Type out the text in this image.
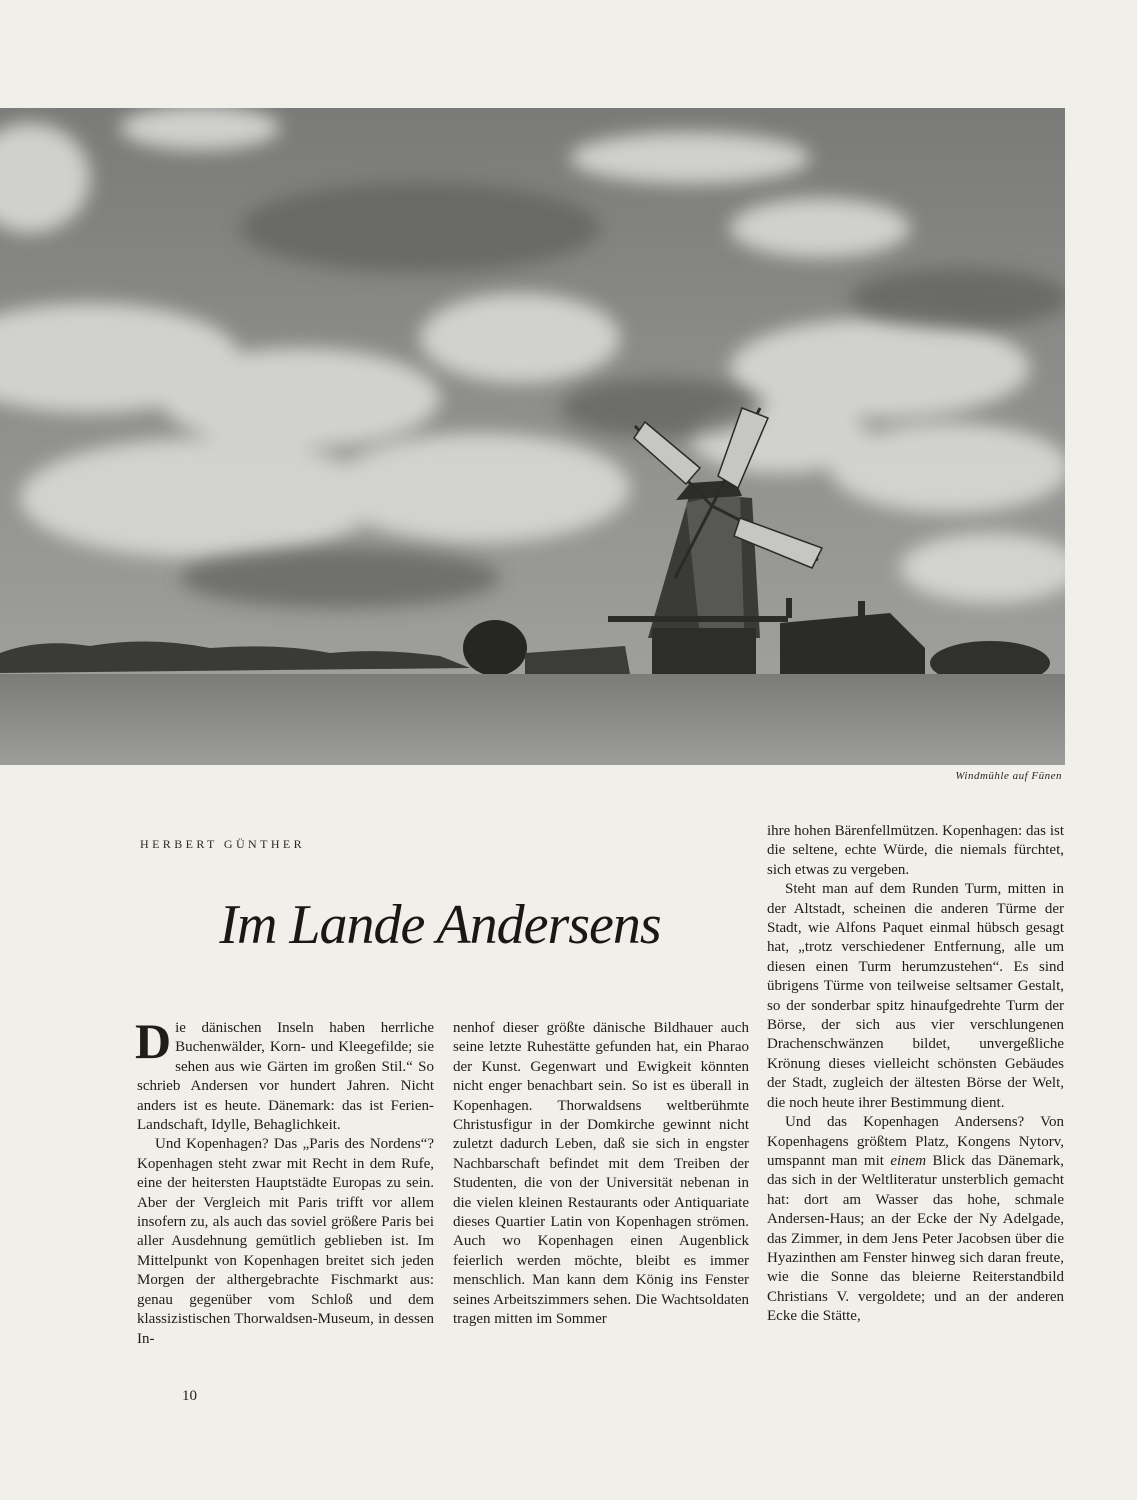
Windmühle auf Fünen
HERBERT GÜNTHER
Im Lande Andersens

Die dänischen Inseln haben herrliche Buchenwälder, Korn- und Kleegefilde; sie sehen aus wie Gärten im großen Stil.“ So schrieb Andersen vor hundert Jahren. Nicht anders ist es heute. Dänemark: das ist Ferien-Landschaft, Idylle, Behaglichkeit.

Und Kopenhagen? Das „Paris des Nordens“? Kopenhagen steht zwar mit Recht in dem Rufe, eine der heitersten Hauptstädte Europas zu sein. Aber der Vergleich mit Paris trifft vor allem insofern zu, als auch das soviel größere Paris bei aller Ausdehnung gemütlich geblieben ist. Im Mittelpunkt von Kopenhagen breitet sich jeden Morgen der althergebrachte Fischmarkt aus: genau gegenüber vom Schloß und dem klassizistischen Thorwaldsen-Museum, in dessen In-

nenhof dieser größte dänische Bildhauer auch seine letzte Ruhestätte gefunden hat, ein Pharao der Kunst. Gegenwart und Ewigkeit könnten nicht enger benachbart sein. So ist es überall in Kopenhagen. Thorwaldsens weltberühmte Christusfigur in der Domkirche gewinnt nicht zuletzt dadurch Leben, daß sie sich in engster Nachbarschaft befindet mit dem Treiben der Studenten, die von der Universität nebenan in die vielen kleinen Restaurants oder Antiquariate dieses Quartier Latin von Kopenhagen strömen. Auch wo Kopenhagen einen Augenblick feierlich werden möchte, bleibt es immer menschlich. Man kann dem König ins Fenster seines Arbeitszimmers sehen. Die Wachtsoldaten tragen mitten im Sommer

ihre hohen Bärenfellmützen. Kopenhagen: das ist die seltene, echte Würde, die niemals fürchtet, sich etwas zu vergeben.

Steht man auf dem Runden Turm, mitten in der Altstadt, scheinen die anderen Türme der Stadt, wie Alfons Paquet einmal hübsch gesagt hat, „trotz verschiedener Entfernung, alle um diesen einen Turm herumzustehen“. Es sind übrigens Türme von teilweise seltsamer Gestalt, so der sonderbar spitz hinaufgedrehte Turm der Börse, der sich aus vier verschlungenen Drachenschwänzen bildet, unvergeßliche Krönung dieses vielleicht schönsten Gebäudes der Stadt, zugleich der ältesten Börse der Welt, die noch heute ihrer Bestimmung dient.

Und das Kopenhagen Andersens? Von Kopenhagens größtem Platz, Kongens Nytorv, umspannt man mit einem Blick das Dänemark, das sich in der Weltliteratur unsterblich gemacht hat: dort am Wasser das hohe, schmale Andersen-Haus; an der Ecke der Ny Adelgade, das Zimmer, in dem Jens Peter Jacobsen über die Hyazinthen am Fenster hinweg sich daran freute, wie die Sonne das bleierne Reiterstandbild Christians V. vergoldete; und an der anderen Ecke die Stätte,

10
